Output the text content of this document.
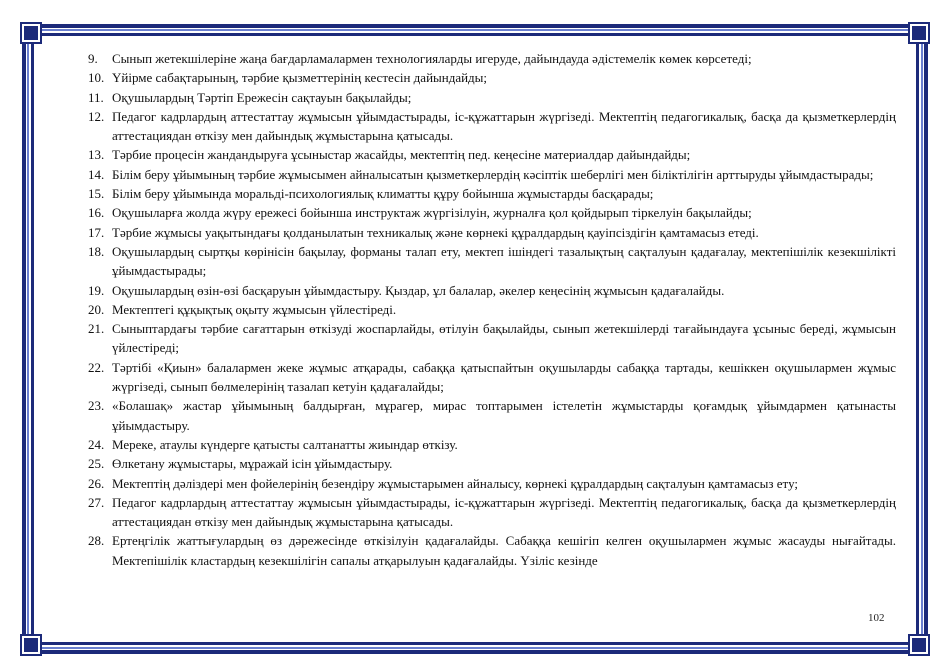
9. Сынып жетекшілеріне жаңа бағдарламалармен технологияларды игеруде, дайындауда әдістемелік көмек көрсетеді;
10. Үйірме сабақтарының, тәрбие қызметтерінің кестесін дайындайды;
11. Оқушылардың Тәртіп Ережесін сақтауын бақылайды;
12. Педагог кадрлардың аттестаттау жұмысын ұйымдастырады, іс-құжаттарын жүргізеді. Мектептің педагогикалық, басқа да қызметкерлердің аттестациядан өткізу мен дайындық жұмыстарына қатысады.
13. Тәрбие процесін жандандыруға ұсыныстар жасайды, мектептің пед. кеңесіне материалдар дайындайды;
14. Білім беру ұйымының тәрбие жұмысымен айналысатын қызметкерлердің кәсіптік шеберлігі мен біліктілігін арттыруды ұйымдастырады;
15. Білім беру ұйымында моральді-психологиялық климатты құру бойынша жұмыстарды басқарады;
16. Оқушыларға жолда жүру ережесі бойынша инструктаж жүргізілуін, журналға қол қойдырып тіркелуін бақылайды;
17. Тәрбие жұмысы уақытындағы қолданылатын техникалық және көрнекі құралдардың қауіпсіздігін қамтамасыз етеді.
18. Оқушылардың сыртқы көрінісін бақылау, форманы талап ету, мектеп ішіндегі тазалықтың сақталуын қадағалау, мектепішілік кезекшілікті ұйымдастырады;
19. Оқушылардың өзін-өзі басқаруын ұйымдастыру. Қыздар, ұл балалар, әкелер кеңесінің жұмысын қадағалайды.
20. Мектептегі құқықтық оқыту жұмысын үйлестіреді.
21. Сыныптардағы тәрбие сағаттарын өткізуді жоспарлайды, өтілуін бақылайды, сынып жетекшілерді тағайындауға ұсыныс береді, жұмысын үйлестіреді;
22. Тәртібі «Қиын» балалармен жеке жұмыс атқарады, сабаққа қатыспайтын оқушыларды сабаққа тартады, кешіккен оқушылармен жұмыс жүргізеді, сынып бөлмелерінің тазалап кетуін қадағалайды;
23. «Болашақ» жастар ұйымының балдырған, мұрагер, мирас топтарымен істелетін жұмыстарды қоғамдық ұйымдармен қатынасты ұйымдастыру.
24. Мереке, атаулы күндерге қатысты салтанатты жиындар өткізу.
25. Өлкетану жұмыстары, мұражай ісін ұйымдастыру.
26. Мектептің дәліздері мен фойелерінің безендіру жұмыстарымен айналысу, көрнекі құралдардың сақталуын қамтамасыз ету;
27. Педагог кадрлардың аттестаттау жұмысын ұйымдастырады, іс-құжаттарын жүргізеді. Мектептің педагогикалық, басқа да қызметкерлердің аттестациядан өткізу мен дайындық жұмыстарына қатысады.
28. Ертеңгілік жаттығулардың өз дәрежесінде өткізілуін қадағалайды. Сабаққа кешігіп келген оқушылармен жұмыс жасауды нығайтады. Мектепішілік кластардың кезекшілігін сапалы атқарылуын қадағалайды. Үзіліс кезінде
102
